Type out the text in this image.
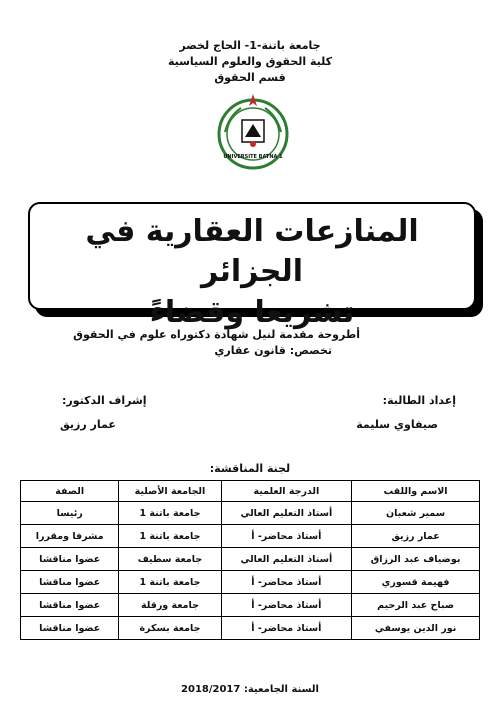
جامعة باتنة-1- الحاج لخضر
كلية الحقوق والعلوم السياسية
قسم الحقوق
UNIVERSITE BATNA 1
المنازعات العقارية في الجزائر
تشريعا وقضاءً
أطروحة مقدمة لنيل شهادة دكتوراه علوم في الحقوق
تخصص: قانون عقاري
إعداد الطالبة:
صيفاوي سليمة
إشراف الدكتور:
عمار رزيق
لجنة المناقشة:
الاسم واللقب	الدرجة العلمية	الجامعة الأصلية	الصفة
سمير شعبان	أستاذ التعليم العالي	جامعة باتنة 1	رئيسا
عمار رزيق	أستاذ محاضر- أ	جامعة باتنة 1	مشرفا ومقررا
بوضياف عبد الرزاق	أستاذ التعليم العالي	جامعة سطيف	عضوا مناقشا
فهيمة قسوري	أستاذ محاضر- أ	جامعة باتنة 1	عضوا مناقشا
صباح عبد الرحيم	أستاذ محاضر- أ	جامعة ورقلة	عضوا مناقشا
نور الدين يوسفي	أستاذ محاضر- أ	جامعة بسكرة	عضوا مناقشا
السنة الجامعية: 2018/2017
